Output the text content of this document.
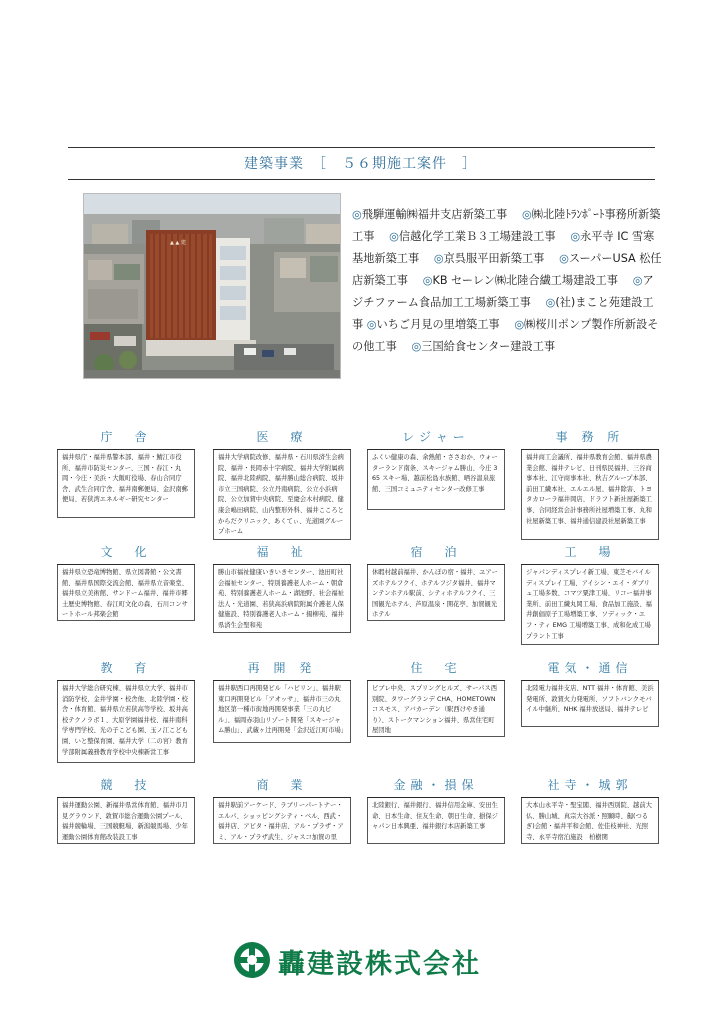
建築事業　［　５６期施工案件　］
▲ ▲ 建
◎飛騨運輸㈱福井支店新築工事 　 ◎㈱北陸ﾄﾗﾝﾎﾟｰﾄ事務所新築工事 　 ◎信越化学工業Ｂ３工場建設工事 　 ◎永平寺 IC 雪寒基地新築工事 　 ◎京呉服平田新築工事 　 ◎スーパーUSA 松任店新築工事 　 ◎KB セーレン㈱北陸合繊工場建設工事 　 ◎アジチファーム食品加工工場新築工事 　 ◎(社)まこと苑建設工事 ◎いちご月見の里増築工事 　 ◎㈱桜川ポンプ製作所新設その他工事 　 ◎三国給食センター建設工事
庁　舎
福井県庁・福井県警本部、福井・鯖江市役所、福井市防災センター、三国・春江・丸岡・今庄・美浜・大飯町役場、春山合同庁舎、武生合同庁舎、福井南郵便局、金沢南郵便局、若狭湾エネルギー研究センター
医　療
福井大学病院改修、福井県・石川県済生会病院、福井・長岡赤十字病院、福井大学附属病院、福井北陸病院、福井勝山総合病院、坂井市立三国病院、公立丹南病院、公立小浜病院、公立加賀中央病院、至慶会木村病院、健康会嶋田病院、山内整形外科、福井こころとからだクリニック、あくてぃ、光道園グループホーム
レジャー
ふくい健康の森、余熱館・ささおか、ウォーターランド南条、スキージャム勝山、今庄 365 スキー場、越前松島水族館、晒谷温泉旅館、三国コミュニティセンター改修工事
事 務 所
福井商工会議所、福井県教育会館、福井県農業会館、福井テレビ、日刊県民福井、三谷商事本社、江守商事本社、秋吉グループ本部、前田工繊本社、エルエル屋、福井除害、トヨタカローラ福井岡店、ドラフト新社屋新築工事、合同経営会計事務所社屋増築工事、丸和社屋新築工事、福井通信建設社屋新築工事
文　化
福井県立恐竜博物館、県立図書館・公文書館、福井県国際交流会館、福井県立音楽堂、福井県立美術館、サンドーム福井、福井市郷土歴史博物館、春江町文化の森、石川コンサートホール邦楽会館
福　祉
勝山市福祉健康いきいきセンター、池田町社会福祉センター、特別養護老人ホーム・朝倉苑、特別養護老人ホーム・湖池野、社会福祉法人・光道園、若狭高浜病院附属介護老人保健施設、特別養護老人ホーム・揚柳苑、福井県済生会聖和苑
宿　泊
休暇村越前福井、かんぽの宿・福井、ユアーズホテルフクイ、ホテルフジタ福井、福井マンテンホテル駅前、シティホテルフクイ、三国観光ホテル、芦原温泉・開花亭、加賀観光ホテル
工　場
ジャパンディスプレイ新工場、東芝モバイルディスプレイ工場、アイシン・エイ・ダブリュ工場多数、コマツ粟津工場、リコー福井事業所、前田工繊丸岡工場、食品加工施設、福井創価原子工場増築工事、ソディック・エフ・ティ EMG 工場増築工事、成和化成工場プラント工事
教　育
福井大学総合研究棟、福井県立大学、福井市消防学校、金井学園・校舎他、北陸学園・校舎・体育館、福井県立若狭高等学校、坂井高校テクノラボ１、大原学園福井校、福井南科学専門学校、光の子こども園、玉ノ江こども園、いと整保育園、福井大学（二の宮）教育学部附属義務教育学校中央棟新営工事
再 開 発
福井駅西口再開発ビル「ハピリン」、福井駅東口再開発ビル「アオッサ」、福井市三の丸地区第一種市街地再開発事業「三の丸ビル」、福岡赤羽山リゾート開発「スキージャム勝山」、武蔵ヶ辻再開発「金沢近江町市場」
住　宅
ビブレ中央、スプリングヒルズ、サーパス西別院、タワーグランデ CHA、HOMETOWN コスモス、アバカーデン（駅西けやき通り）、ストークマンション福井、県営住宅町屋団地
電気・通信
北陸電力福井支店、NTT 福井・体育館、美浜発電所、敦賀火力発電所、ソフトバンクモバイル中継所、NHK 福井放送局、福井テレビ
競　技
福井運動公園、新福井県営体育館、福井市月見グラウンド、敦賀市総合運動公園プール、福井競輪場、三国競艇場、新潟競馬場、少年運動公園体育館改装設工事
商　業
福井駅前アーケード、ラブリーパートナー・エルパ、ショッピングシティ・ベル、西武・福井店、アピタ・福井店、アル・プラザ・アミ、アル・プラザ武生、ジャスコ加賀の里
金融・損保
北陸銀行、福井銀行、福井信用金庫、安田生命、日本生命、住友生命、朝日生命、損保ジャパン日本興亜、福井銀行本店新築工事
社寺・城郭
大本山永平寺・聖宝閣、福井西別院、越前大仏、勝山城、真宗大谷派・照願時、劔(つるぎ)会館・福井平和会館、佐佳枝神社、光照寺、永平寺宿泊施設　柏樹関
轟建設株式会社
